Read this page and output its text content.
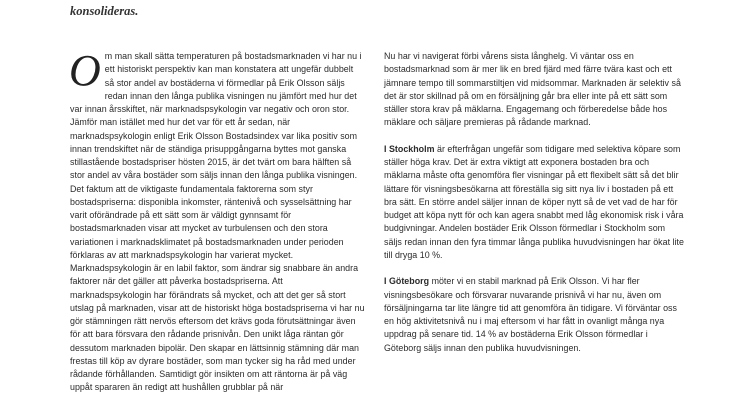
konsolideras.

O m man skall sätta temperaturen på bostadsmarknaden vi har nu i ett historiskt perspektiv kan man konstatera att ungefär dubbelt så stor andel av bostäderna vi förmedlar på Erik Olsson säljs redan innan den långa publika visningen nu jämfört med hur det var innan årsskiftet, när marknadspsykologin var negativ och oron stor. Jämför man istället med hur det var för ett år sedan, när marknadspsykologin enligt Erik Olsson Bostadsindex var lika positiv som innan trendskiftet när de ständiga prisuppgångarna byttes mot ganska stillastående bostadspriser hösten 2015, är det tvärt om bara hälften så stor andel av våra bostäder som säljs innan den långa publika visningen. Det faktum att de viktigaste fundamentala faktorerna som styr bostadspriserna: disponibla inkomster, räntenivå och sysselsättning har varit oförändrade på ett sätt som är väldigt gynnsamt för bostadsmarknaden visar att mycket av turbulensen och den stora variationen i marknadsklimatet på bostadsmarknaden under perioden förklaras av att marknadspsykologin har varierat mycket. Marknadspsykologin är en labil faktor, som ändrar sig snabbare än andra faktorer när det gäller att påverka bostadspriserna. Att marknadspsykologin har förändrats så mycket, och att det ger så stort utslag på marknaden, visar att de historiskt höga bostadspriserna vi har nu gör stämningen rätt nervös eftersom det krävs goda förutsättningar även för att bara försvara den rådande prisnivån. Den unikt låga räntan gör dessutom marknaden bipolär. Den skapar en lättsinnig stämning där man frestas till köp av dyrare bostäder, som man tycker sig ha råd med under rådande förhållanden. Samtidigt gör insikten om att räntorna är på väg uppåt spararen än redigt att hushållen grubblar på när

Nu har vi navigerat förbi vårens sista långhelg. Vi väntar oss en bostadsmarknad som är mer lik en bred fjärd med färre tvära kast och ett jämnare tempo till sommarstiltjen vid midsommar. Marknaden är selektiv så det är stor skillnad på om en försäljning går bra eller inte på ett sätt som ställer stora krav på mäklarna. Engagemang och förberedelse både hos mäklare och säljare premieras på rådande marknad.

I Stockholm är efterfrågan ungefär som tidigare med selektiva köpare som ställer höga krav. Det är extra viktigt att exponera bostaden bra och mäklarna måste ofta genomföra fler visningar på ett flexibelt sätt så det blir lättare för visningsbesökarna att föreställa sig sitt nya liv i bostaden på ett bra sätt. En större andel säljer innan de köper nytt så de vet vad de har för budget att köpa nytt för och kan agera snabbt med låg ekonomisk risk i våra budgivningar. Andelen bostäder Erik Olsson förmedlar i Stockholm som säljs redan innan den fyra timmar långa publika huvudvisningen har ökat lite till dryga 10 %.

I Göteborg möter vi en stabil marknad på Erik Olsson. Vi har fler visningsbesökare och försvarar nuvarande prisnivå vi har nu, även om försäljningarna tar lite längre tid att genomföra än tidigare. Vi förväntar oss en hög aktivitetsnivå nu i maj eftersom vi har fått in ovanligt många nya uppdrag på senare tid. 14 % av bostäderna Erik Olsson förmedlar i Göteborg säljs innan den publika huvudvisningen.
